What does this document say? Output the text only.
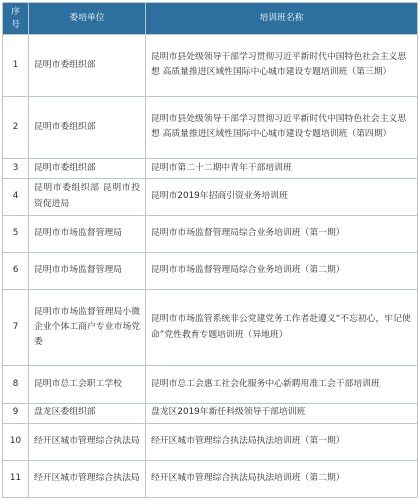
序
号	委培单位	培训班名称
1	昆明市委组织部	昆明市县处级领导干部学习贯彻习近平新时代中国特色社会主义思想 高质量推进区域性国际中心城市建设专题培训班（第三期）
2	昆明市委组织部	昆明市县处级领导干部学习贯彻习近平新时代中国特色社会主义思想 高质量推进区域性国际中心城市建设专题培训班（第四期）
3	昆明市委组织部	昆明市第二十二期中青年干部培训班
4	昆明市委组织部 昆明市投资促进局	昆明市2019年招商引资业务培训班
5	昆明市市场监督管理局	昆明市市场监督管理局综合业务培训班（第一期）
6	昆明市市场监督管理局	昆明市市场监督管理局综合业务培训班（第二期）
7	昆明市市场监督管理局小微企业个体工商户专业市场党委	昆明市市场监管系统非公党建党务工作者赴遵义“不忘初心，牢记使命”党性教育专题培训班（异地班）
8	昆明市总工会职工学校	昆明市总工会惠工社会化服务中心新聘用准工会干部培训班
9	盘龙区委组织部	盘龙区2019年新任科级领导干部培训班
10	经开区城市管理综合执法局	经开区城市管理综合执法局执法培训班（第一期）
11	经开区城市管理综合执法局	经开区城市管理综合执法局执法培训班（第二期）
